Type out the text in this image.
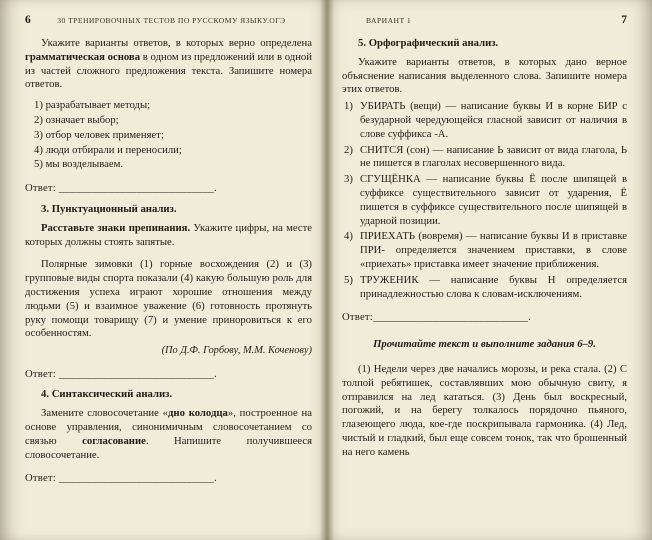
6	30 ТРЕНИРОВОЧНЫХ ТЕСТОВ ПО РУССКОМУ ЯЗЫКУ.ОГЭ

Укажите варианты ответов, в которых верно определена грамматическая основа в одном из предложений или в одной из частей сложного предложения текста. Запишите номера ответов.

1) разрабатывает методы;
2) означает выбор;
3) отбор человек применяет;
4) люди отбирали и переносили;
5) мы возделываем.

Ответ: ____________________________.

3. Пунктуационный анализ.

Расставьте знаки препинания. Укажите цифры, на месте которых должны стоять запятые.

Полярные зимовки (1) горные восхождения (2) и (3) групповые виды спорта показали (4) какую большую роль для достижения успеха играют хорошие отношения между людьми (5) и взаимное уважение (6) готовность протянуть руку помощи товарищу (7) и умение приноровиться к его особенностям.

(По Д.Ф. Горбову, М.М. Коченову)

Ответ: ____________________________.

4. Синтаксический анализ.

Замените словосочетание «дно колодца», построенное на основе управления, синонимичным словосочетанием со связью согласование. Напишите получившееся словосочетание.

Ответ: ____________________________.

ВАРИАНТ 1	7

5. Орфографический анализ.

Укажите варианты ответов, в которых дано верное объяснение написания выделенного слова. Запишите номера этих ответов.

1) УБИРАТЬ (вещи) — написание буквы И в корне БИР с безударной чередующейся гласной зависит от наличия в слове суффикса -А.
2) СНИТСЯ (сон) — написание Ь зависит от вида глагола, Ь не пишется в глаголах несовершенного вида.
3) СГУЩЁНКА — написание буквы Ё после шипящей в суффиксе существительного зависит от ударения, Ё пишется в суффиксе существительного после шипящей в ударной позиции.
4) ПРИЕХАТЬ (вовремя) — написание буквы И в приставке ПРИ- определяется значением приставки, в слове «приехать» приставка имеет значение приближения.
5) ТРУЖЕНИК — написание буквы Н определяется принадлежностью слова к словам-исключениям.

Ответ:____________________________.

Прочитайте текст и выполните задания 6–9.

(1) Недели через две начались морозы, и река стала. (2) С толпой ребятишек, составлявших мою обычную свиту, я отправился на лед кататься. (3) День был воскресный, погожий, и на берегу толкалось порядочно пьяного, глазеющего люда, кое-где поскрипывала гармоника. (4) Лед, чистый и гладкий, был еще совсем тонок, так что брошенный на него камень
